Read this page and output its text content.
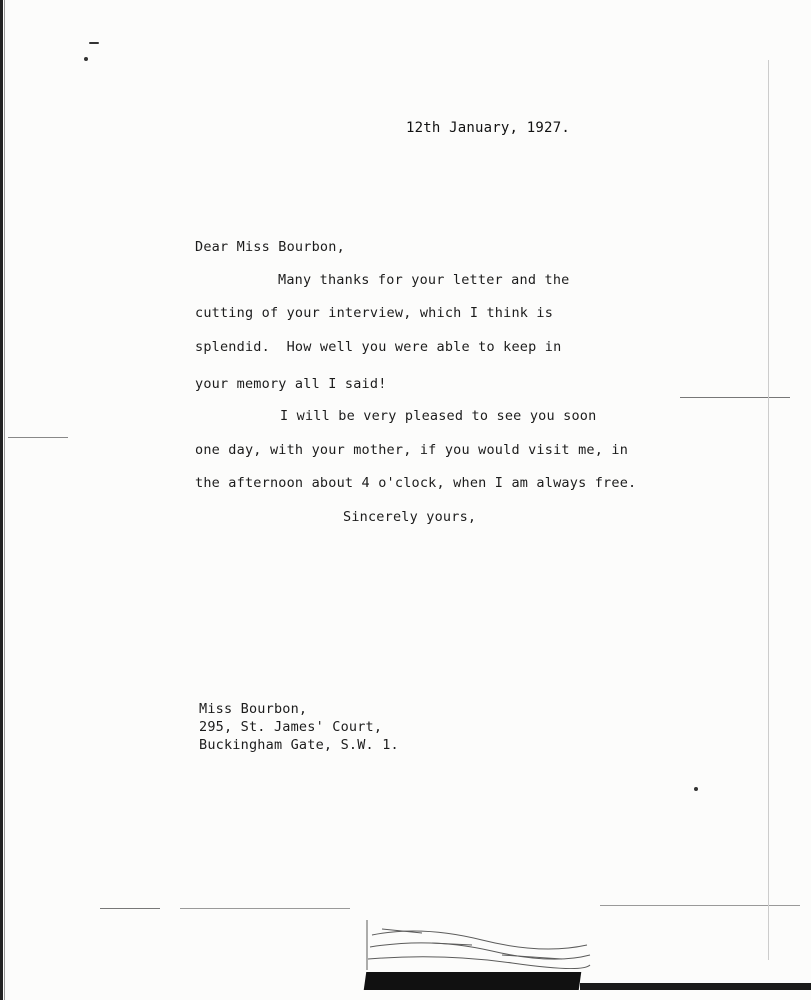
12th January, 1927.
Dear Miss Bourbon,
Many thanks for your letter and the
cutting of your interview, which I think is
splendid.  How well you were able to keep in
your memory all I said!
I will be very pleased to see you soon
one day, with your mother, if you would visit me, in
the afternoon about 4 o'clock, when I am always free.
Sincerely yours,
Miss Bourbon,
295, St. James' Court,
Buckingham Gate, S.W. 1.
